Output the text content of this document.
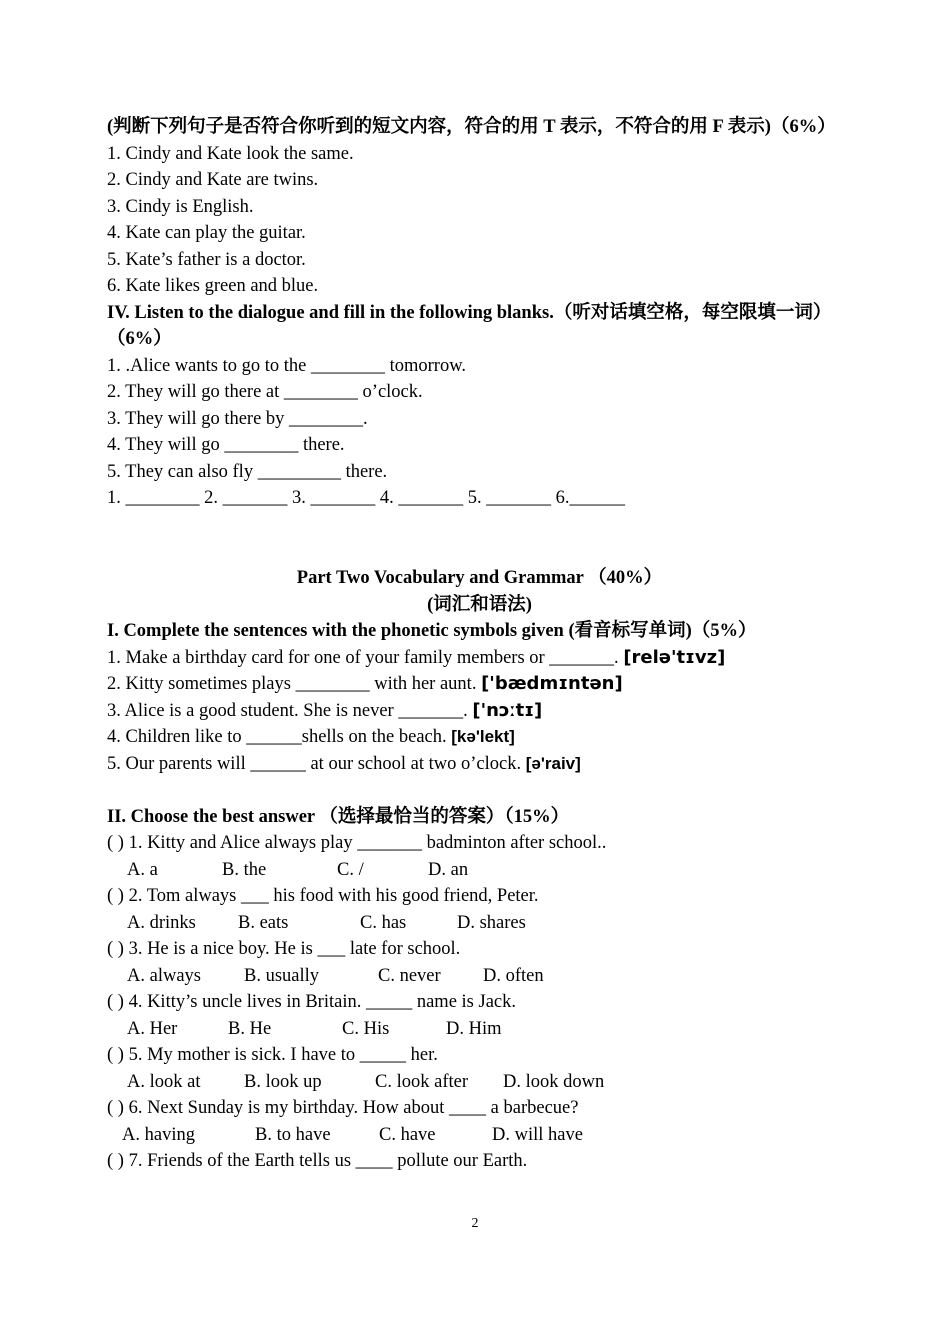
(判断下列句子是否符合你听到的短文内容，符合的用 T 表示，不符合的用 F 表示)（6%）
1. Cindy and Kate look the same.
2. Cindy and Kate are twins.
3. Cindy is English.
4. Kate can play the guitar.
5. Kate’s father is a doctor.
6. Kate likes green and blue.
IV. Listen to the dialogue and fill in the following blanks.（听对话填空格，每空限填一词）（6%）
1. .Alice wants to go to the ________ tomorrow.
2. They will go there at ________ o’clock.
3. They will go there by ________.
4. They will go ________ there.
5. They can also fly _________ there.
1. ________ 2. _______ 3. _______ 4. _______ 5. _______ 6.______
Part Two Vocabulary and Grammar （40%）
(词汇和语法)
I. Complete the sentences with the phonetic symbols given (看音标写单词)（5%）
1. Make a birthday card for one of your family members or _______. [relə'tɪvz]
2. Kitty sometimes plays ________ with her aunt. ['bædmɪntən]
3. Alice is a good student. She is never _______. ['nɔːtɪ]
4. Children like to ______shells on the beach. [kə'lekt]
5. Our parents will ______ at our school at two o’clock. [ə'raiv]
II. Choose the best answer （选择最恰当的答案）（15%）
( ) 1. Kitty and Alice always play _______ badminton after school..
A. a	B. the	C. /	D. an
( ) 2. Tom always ___ his food with his good friend, Peter.
A. drinks B. eats	C. has	D. shares
( ) 3. He is a nice boy. He is ___ late for school.
A. always B. usually	C. never D. often
( ) 4. Kitty’s uncle lives in Britain. _____ name is Jack.
A. Her	B. He	C. His	D. Him
( ) 5. My mother is sick. I have to _____ her.
A. look at B. look up	C. look after D. look down
( ) 6. Next Sunday is my birthday. How about ____ a barbecue?
A. having	B. to have	C. have	D. will have
( ) 7. Friends of the Earth tells us ____ pollute our Earth.
2
